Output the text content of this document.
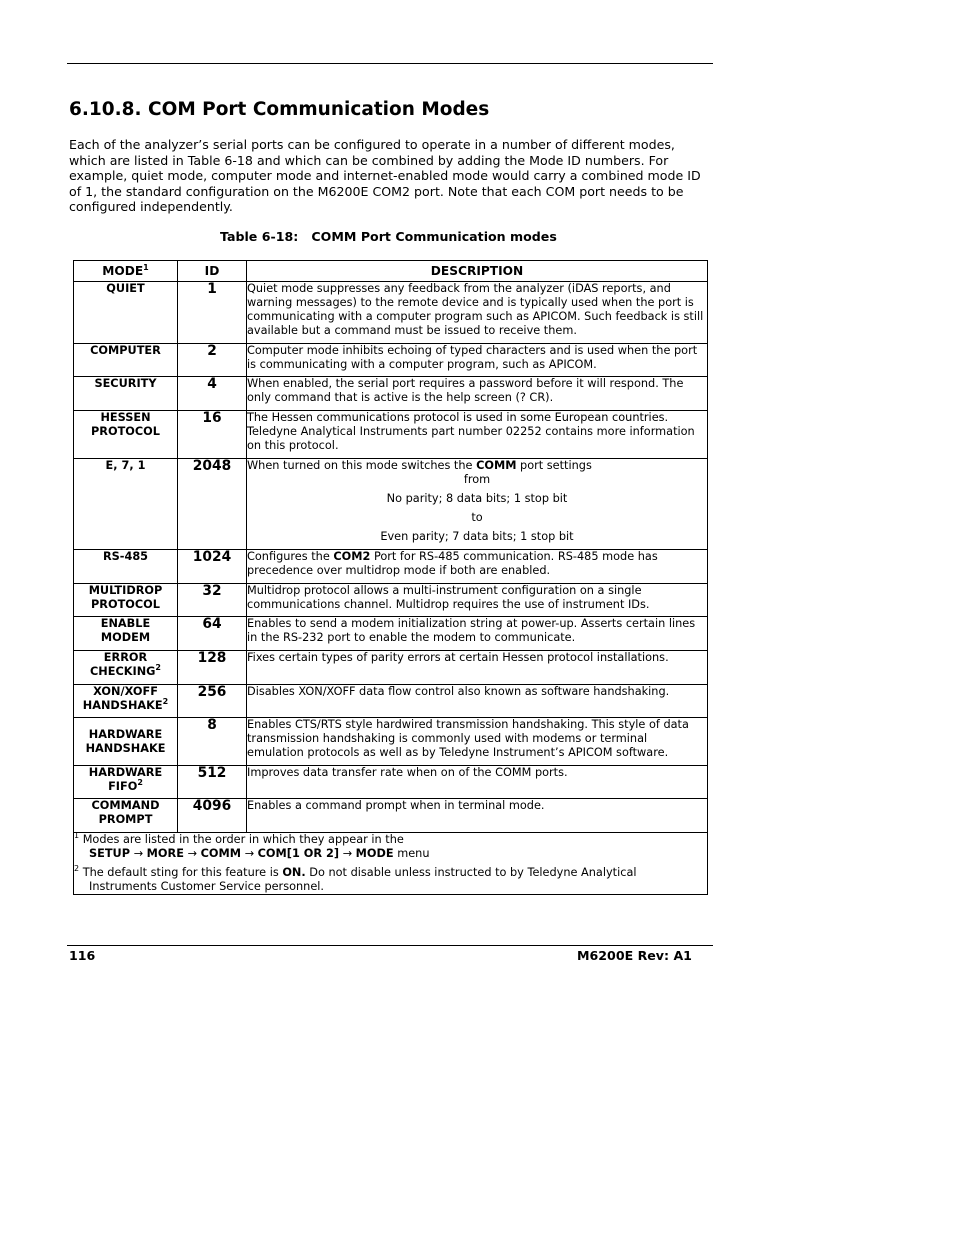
6.10.8. COM Port Communication Modes

Each of the analyzer’s serial ports can be configured to operate in a number of different modes, which are listed in Table 6-18 and which can be combined by adding the Mode ID numbers. For example, quiet mode, computer mode and internet-enabled mode would carry a combined mode ID of 1, the standard configuration on the M6200E COM2 port. Note that each COM port needs to be configured independently.

Table 6-18:   COMM Port Communication modes

MODE$^1$	ID	DESCRIPTION

QUIET	1	Quiet mode suppresses any feedback from the analyzer (iDAS reports, and warning messages) to the remote device and is typically used when the port is communicating with a computer program such as APICOM. Such feedback is still available but a command must be issued to receive them.

COMPUTER	2	Computer mode inhibits echoing of typed characters and is used when the port is communicating with a computer program, such as APICOM.

SECURITY	4	When enabled, the serial port requires a password before it will respond. The only command that is active is the help screen (? CR).

HESSEN
PROTOCOL	16	The Hessen communications protocol is used in some European countries. Teledyne Analytical Instruments part number 02252 contains more information on this protocol.

E, 7, 1	2048	When turned on this mode switches the COMM port settings
from
No parity; 8 data bits; 1 stop bit
to
Even parity; 7 data bits; 1 stop bit

RS-485	1024	Configures the COM2 Port for RS-485 communication. RS-485 mode has precedence over multidrop mode if both are enabled.

MULTIDROP
PROTOCOL	32	Multidrop protocol allows a multi-instrument configuration on a single communications channel. Multidrop requires the use of instrument IDs.

ENABLE
MODEM	64	Enables to send a modem initialization string at power-up. Asserts certain lines in the RS-232 port to enable the modem to communicate.

ERROR
CHECKING$^2$	128	Fixes certain types of parity errors at certain Hessen protocol installations.

XON/XOFF
HANDSHAKE$^2$	256	Disables XON/XOFF data flow control also known as software handshaking.

HARDWARE
HANDSHAKE	8	Enables CTS/RTS style hardwired transmission handshaking. This style of data transmission handshaking is commonly used with modems or terminal emulation protocols as well as by Teledyne Instrument’s APICOM software.

HARDWARE
FIFO$^2$	512	Improves data transfer rate when on of the COMM ports.

COMMAND
PROMPT	4096	Enables a command prompt when in terminal mode.

$^1$ Modes are listed in the order in which they appear in the
SETUP → MORE → COMM → COM[1 OR 2] → MODE menu
$^2$ The default sting for this feature is ON. Do not disable unless instructed to by Teledyne Analytical
Instruments Customer Service personnel.		
116	M6200E Rev: A1
